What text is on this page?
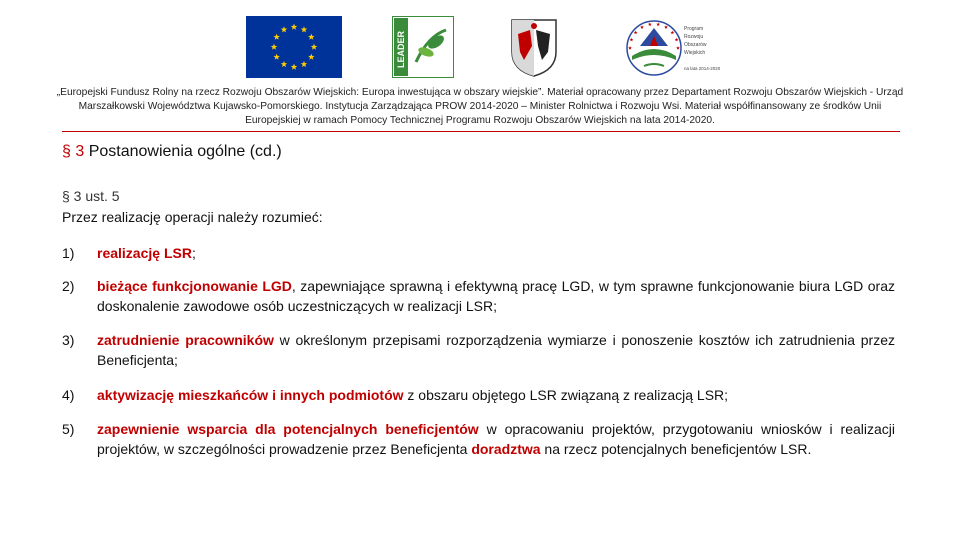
LEADER
Program
Rozwoju
Obszarów
Wiejskich
na lata 2014-2020
„Europejski Fundusz Rolny na rzecz Rozwoju Obszarów Wiejskich: Europa inwestująca w obszary wiejskie”. Materiał opracowany przez Departament Rozwoju Obszarów Wiejskich - Urząd Marszałkowski Województwa Kujawsko-Pomorskiego. Instytucja Zarządzająca PROW 2014-2020 – Minister Rolnictwa i Rozwoju Wsi. Materiał współfinansowany ze środków Unii Europejskiej w ramach Pomocy Technicznej Programu Rozwoju Obszarów Wiejskich na lata 2014-2020.
§ 3 Postanowienia ogólne (cd.)
§ 3 ust. 5
Przez realizację operacji należy rozumieć:
1)	realizację LSR;
2)	bieżące funkcjonowanie LGD, zapewniające sprawną i efektywną pracę LGD, w tym sprawne funkcjonowanie biura LGD oraz doskonalenie zawodowe osób uczestniczących w realizacji LSR;
3)	zatrudnienie pracowników w określonym przepisami rozporządzenia wymiarze i ponoszenie kosztów ich zatrudnienia przez Beneficjenta;
4)	aktywizację mieszkańców i innych podmiotów z obszaru objętego LSR związaną z realizacją LSR;
5)	zapewnienie wsparcia dla potencjalnych beneficjentów w opracowaniu projektów, przygotowaniu wniosków i realizacji projektów, w szczególności prowadzenie przez Beneficjenta doradztwa na rzecz potencjalnych beneficjentów LSR.
